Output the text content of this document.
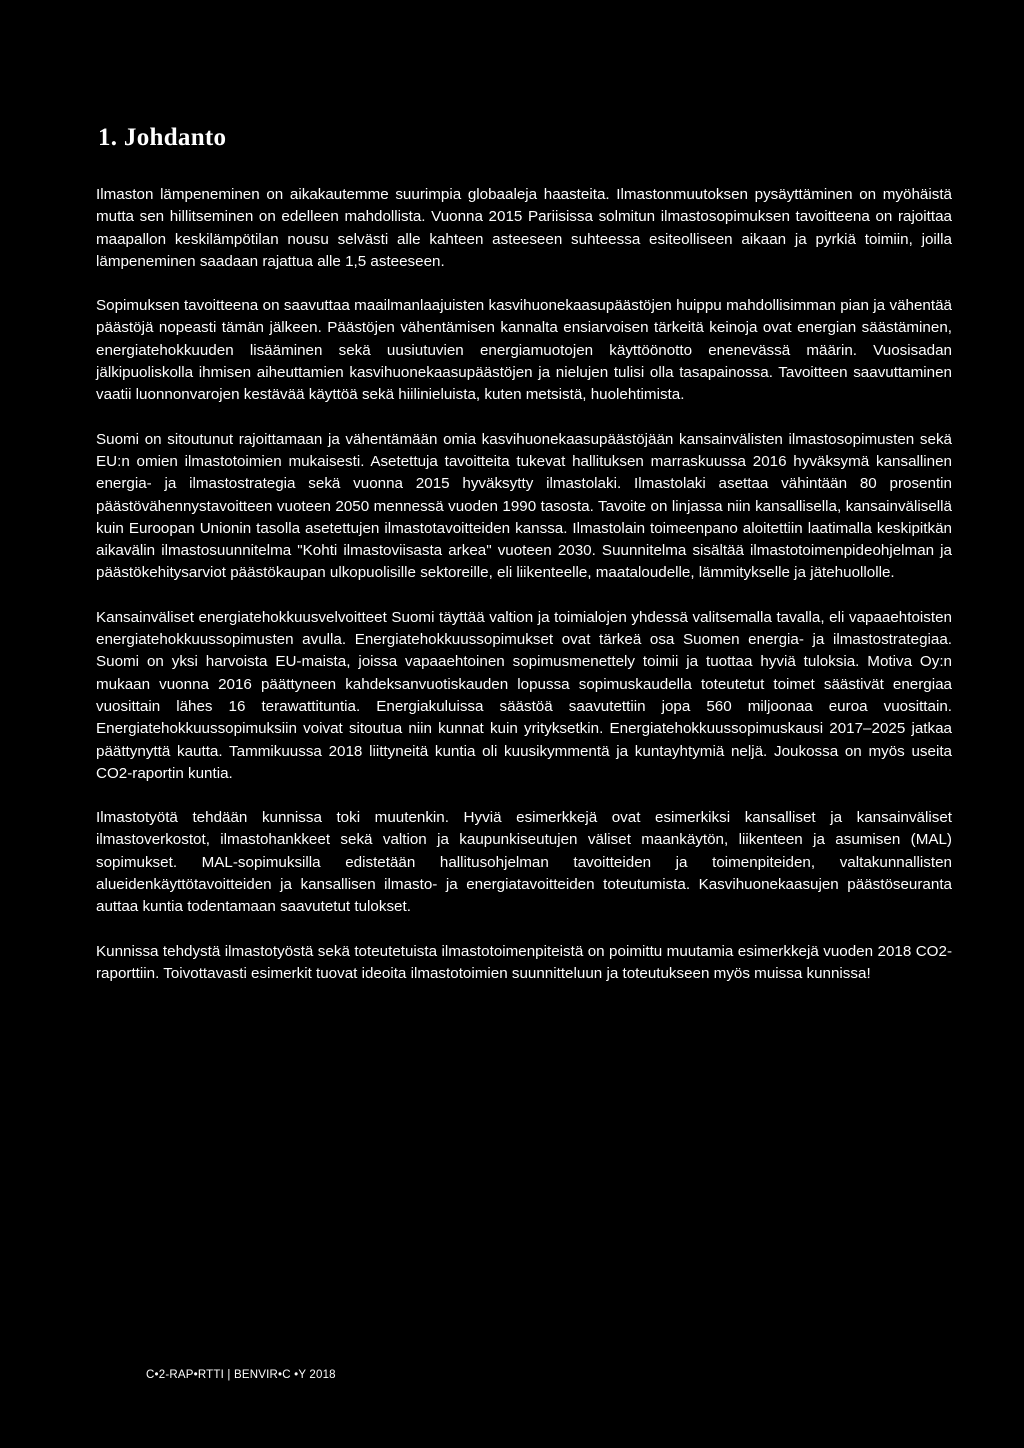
1. Johdanto

Ilmaston lämpeneminen on aikakautemme suurimpia globaaleja haasteita. Ilmastonmuutoksen pysäyttäminen on myöhäistä mutta sen hillitseminen on edelleen mahdollista. Vuonna 2015 Pariisissa solmitun ilmastosopimuksen tavoitteena on rajoittaa maapallon keskilämpötilan nousu selvästi alle kahteen asteeseen suhteessa esiteolliseen aikaan ja pyrkiä toimiin, joilla lämpeneminen saadaan rajattua alle 1,5 asteeseen.

Sopimuksen tavoitteena on saavuttaa maailmanlaajuisten kasvihuonekaasupäästöjen huippu mahdollisimman pian ja vähentää päästöjä nopeasti tämän jälkeen. Päästöjen vähentämisen kannalta ensiarvoisen tärkeitä keinoja ovat energian säästäminen, energiatehokkuuden lisääminen sekä uusiutuvien energiamuotojen käyttöönotto enenevässä määrin. Vuosisadan jälkipuoliskolla ihmisen aiheuttamien kasvihuonekaasupäästöjen ja nielujen tulisi olla tasapainossa. Tavoitteen saavuttaminen vaatii luonnonvarojen kestävää käyttöä sekä hiilinieluista, kuten metsistä, huolehtimista.

Suomi on sitoutunut rajoittamaan ja vähentämään omia kasvihuonekaasupäästöjään kansainvälisten ilmastosopimusten sekä EU:n omien ilmastotoimien mukaisesti. Asetettuja tavoitteita tukevat hallituksen marraskuussa 2016 hyväksymä kansallinen energia- ja ilmastostrategia sekä vuonna 2015 hyväksytty ilmastolaki. Ilmastolaki asettaa vähintään 80 prosentin päästövähennystavoitteen vuoteen 2050 mennessä vuoden 1990 tasosta. Tavoite on linjassa niin kansallisella, kansainvälisellä kuin Euroopan Unionin tasolla asetettujen ilmastotavoitteiden kanssa. Ilmastolain toimeenpano aloitettiin laatimalla keskipitkän aikavälin ilmastosuunnitelma "Kohti ilmastoviisasta arkea" vuoteen 2030. Suunnitelma sisältää ilmastotoimenpideohjelman ja päästökehitysarviot päästökaupan ulkopuolisille sektoreille, eli liikenteelle, maataloudelle, lämmitykselle ja jätehuollolle.

Kansainväliset energiatehokkuusvelvoitteet Suomi täyttää valtion ja toimialojen yhdessä valitsemalla tavalla, eli vapaaehtoisten energiatehokkuussopimusten avulla. Energiatehokkuussopimukset ovat tärkeä osa Suomen energia- ja ilmastostrategiaa. Suomi on yksi harvoista EU-maista, joissa vapaaehtoinen sopimusmenettely toimii ja tuottaa hyviä tuloksia. Motiva Oy:n mukaan vuonna 2016 päättyneen kahdeksanvuotiskauden lopussa sopimuskaudella toteutetut toimet säästivät energiaa vuosittain lähes 16 terawattituntia. Energiakuluissa säästöä saavutettiin jopa 560 miljoonaa euroa vuosittain. Energiatehokkuussopimuksiin voivat sitoutua niin kunnat kuin yrityksetkin. Energiatehokkuussopimuskausi 2017–2025 jatkaa päättynyttä kautta. Tammikuussa 2018 liittyneitä kuntia oli kuusikymmentä ja kuntayhtymiä neljä. Joukossa on myös useita CO2-raportin kuntia.

Ilmastotyötä tehdään kunnissa toki muutenkin. Hyviä esimerkkejä ovat esimerkiksi kansalliset ja kansainväliset ilmastoverkostot, ilmastohankkeet sekä valtion ja kaupunkiseutujen väliset maankäytön, liikenteen ja asumisen (MAL) sopimukset. MAL-sopimuksilla edistetään hallitusohjelman tavoitteiden ja toimenpiteiden, valtakunnallisten alueidenkäyttötavoitteiden ja kansallisen ilmasto- ja energiatavoitteiden toteutumista. Kasvihuonekaasujen päästöseuranta auttaa kuntia todentamaan saavutetut tulokset.

Kunnissa tehdystä ilmastotyöstä sekä toteutetuista ilmastotoimenpiteistä on poimittu muutamia esimerkkejä vuoden 2018 CO2-raporttiin. Toivottavasti esimerkit tuovat ideoita ilmastotoimien suunnitteluun ja toteutukseen myös muissa kunnissa!

C•2-RAP•RTTI | BENVIR•C •Y 2018
